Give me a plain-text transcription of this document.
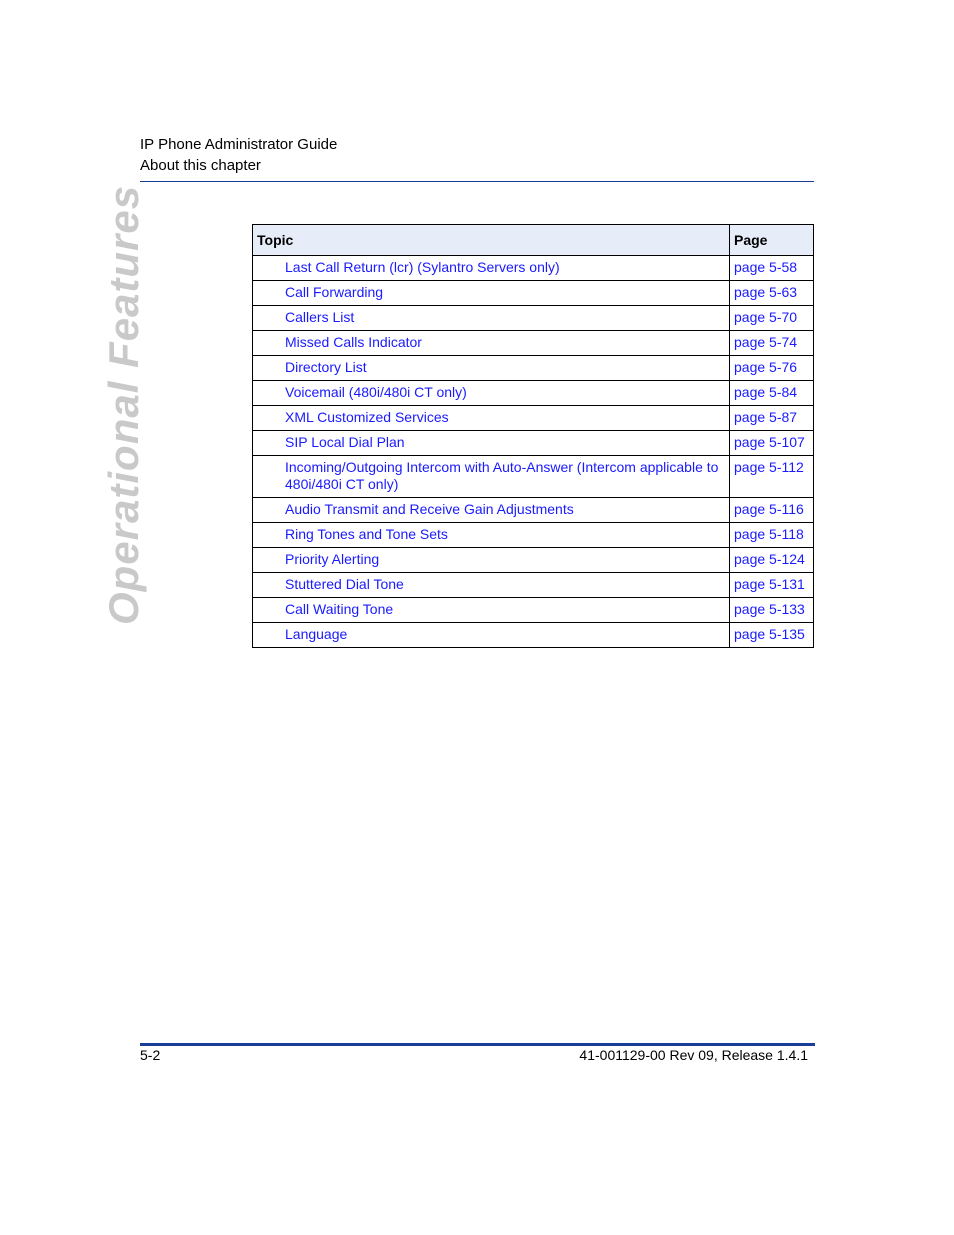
IP Phone Administrator Guide
About this chapter
Operational Features	Topic	Page
Last Call Return (lcr) (Sylantro Servers only)	page 5-58
Call Forwarding	page 5-63
Callers List	page 5-70
Missed Calls Indicator	page 5-74
Directory List	page 5-76
Voicemail (480i/480i CT only)	page 5-84
XML Customized Services	page 5-87
SIP Local Dial Plan	page 5-107
Incoming/Outgoing Intercom with Auto-Answer (Intercom applicable to 480i/480i CT only)	page 5-112
Audio Transmit and Receive Gain Adjustments	page 5-116
Ring Tones and Tone Sets	page 5-118
Priority Alerting	page 5-124
Stuttered Dial Tone	page 5-131
Call Waiting Tone	page 5-133
Language	page 5-135
5-2	41-001129-00 Rev 09, Release 1.4.1
